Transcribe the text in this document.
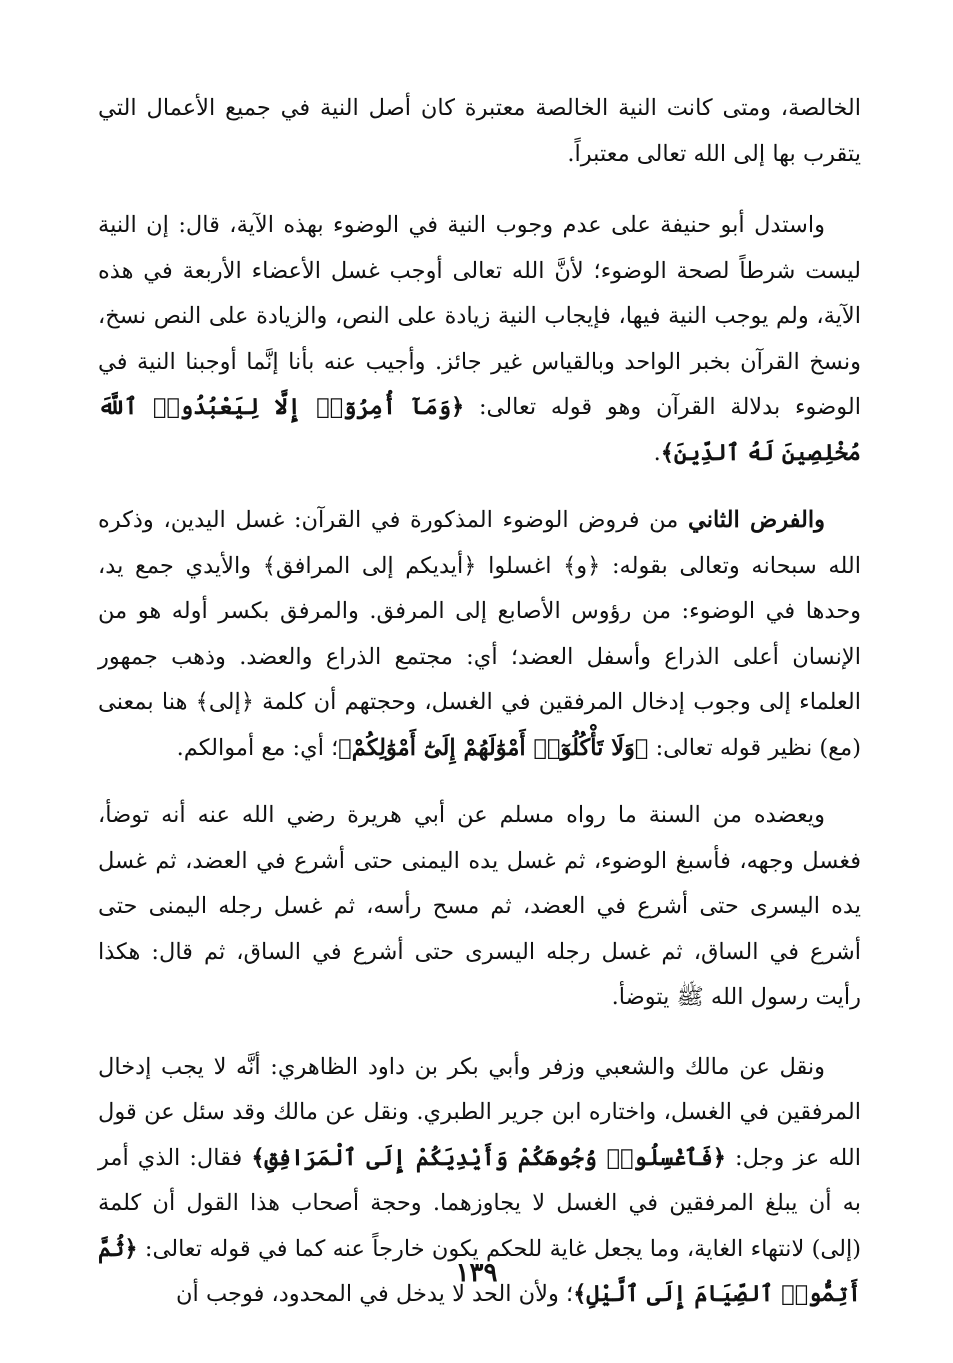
الخالصة، ومتى كانت النية الخالصة معتبرة كان أصل النية في جميع الأعمال التي يتقرب بها إلى الله تعالى معتبراً.

واستدل أبو حنيفة على عدم وجوب النية في الوضوء بهذه الآية، قال: إن النية ليست شرطاً لصحة الوضوء؛ لأنَّ الله تعالى أوجب غسل الأعضاء الأربعة في هذه الآية، ولم يوجب النية فيها، فإيجاب النية زيادة على النص، والزيادة على النص نسخ، ونسخ القرآن بخبر الواحد وبالقياس غير جائز. وأجيب عنه بأنا إنَّما أوجبنا النية في الوضوء بدلالة القرآن وهو قوله تعالى: ﴿وَمَآ أُمِرُوٓا۟ إِلَّا لِيَعْبُدُوا۟ ٱللَّهَ مُخْلِصِينَ لَهُ ٱلدِّينَ﴾.

والفرض الثاني من فروض الوضوء المذكورة في القرآن: غسل اليدين، وذكره الله سبحانه وتعالى بقوله: ﴿و﴾ اغسلوا ﴿أيديكم إلى المرافق﴾ والأيدي جمع يد، وحدها في الوضوء: من رؤوس الأصابع إلى المرفق. والمرفق بكسر أوله هو من الإنسان أعلى الذراع وأسفل العضد؛ أي: مجتمع الذراع والعضد. وذهب جمهور العلماء إلى وجوب إدخال المرفقين في الغسل، وحجتهم أن كلمة ﴿إلى﴾ هنا بمعنى (مع) نظير قوله تعالى: ﴿وَلَا تَأْكُلُوٓا۟ أَمْوَٰلَهُمْ إِلَىٰٓ أَمْوَٰلِكُمْ﴾؛ أي: مع أموالكم.

ويعضده من السنة ما رواه مسلم عن أبي هريرة رضي الله عنه أنه توضأ، فغسل وجهه، فأسبغ الوضوء، ثم غسل يده اليمنى حتى أشرع في العضد، ثم غسل يده اليسرى حتى أشرع في العضد، ثم مسح رأسه، ثم غسل رجله اليمنى حتى أشرع في الساق، ثم غسل رجله اليسرى حتى أشرع في الساق، ثم قال: هكذا رأيت رسول الله ﷺ يتوضأ.

ونقل عن مالك والشعبي وزفر وأبي بكر بن داود الظاهري: أنَّه لا يجب إدخال المرفقين في الغسل، واختاره ابن جرير الطبري. ونقل عن مالك وقد سئل عن قول الله عز وجل: ﴿فَٱغْسِلُوا۟ وُجُوهَكُمْ وَأَيْدِيَكُمْ إِلَى ٱلْمَرَافِقِ﴾ فقال: الذي أمر به أن يبلغ المرفقين في الغسل لا يجاوزهما. وحجة أصحاب هذا القول أن كلمة (إلى) لانتهاء الغاية، وما يجعل غاية للحكم يكون خارجاً عنه كما في قوله تعالى: ﴿ثُمَّ أَتِمُّوا۟ ٱلصِّيَامَ إِلَى ٱلَّيْلِ﴾؛ ولأن الحد لا يدخل في المحدود، فوجب أن

١٣٩
